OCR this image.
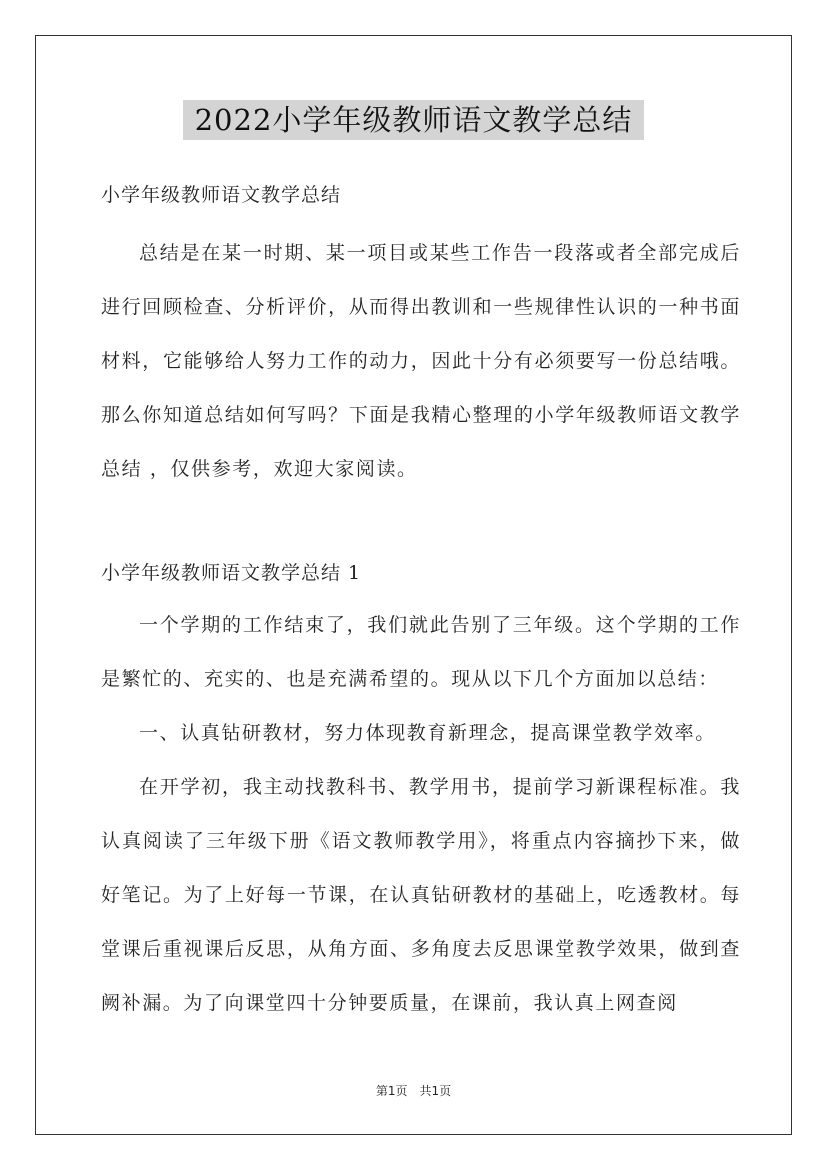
2022小学年级教师语文教学总结
小学年级教师语文教学总结

总结是在某一时期、某一项目或某些工作告一段落或者全部完成后进行回顾检查、分析评价，从而得出教训和一些规律性认识的一种书面材料，它能够给人努力工作的动力，因此十分有必须要写一份总结哦。那么你知道总结如何写吗？下面是我精心整理的小学年级教师语文教学总结 ，仅供参考，欢迎大家阅读。

小学年级教师语文教学总结 1

一个学期的工作结束了，我们就此告别了三年级。这个学期的工作是繁忙的、充实的、也是充满希望的。现从以下几个方面加以总结：

一、认真钻研教材，努力体现教育新理念，提高课堂教学效率。

在开学初，我主动找教科书、教学用书，提前学习新课程标准。我认真阅读了三年级下册《语文教师教学用》，将重点内容摘抄下来，做好笔记。为了上好每一节课，在认真钻研教材的基础上，吃透教材。每堂课后重视课后反思，从角方面、多角度去反思课堂教学效果，做到查阙补漏。为了向课堂四十分钟要质量，在课前，我认真上网查阅

第1页　共1页
